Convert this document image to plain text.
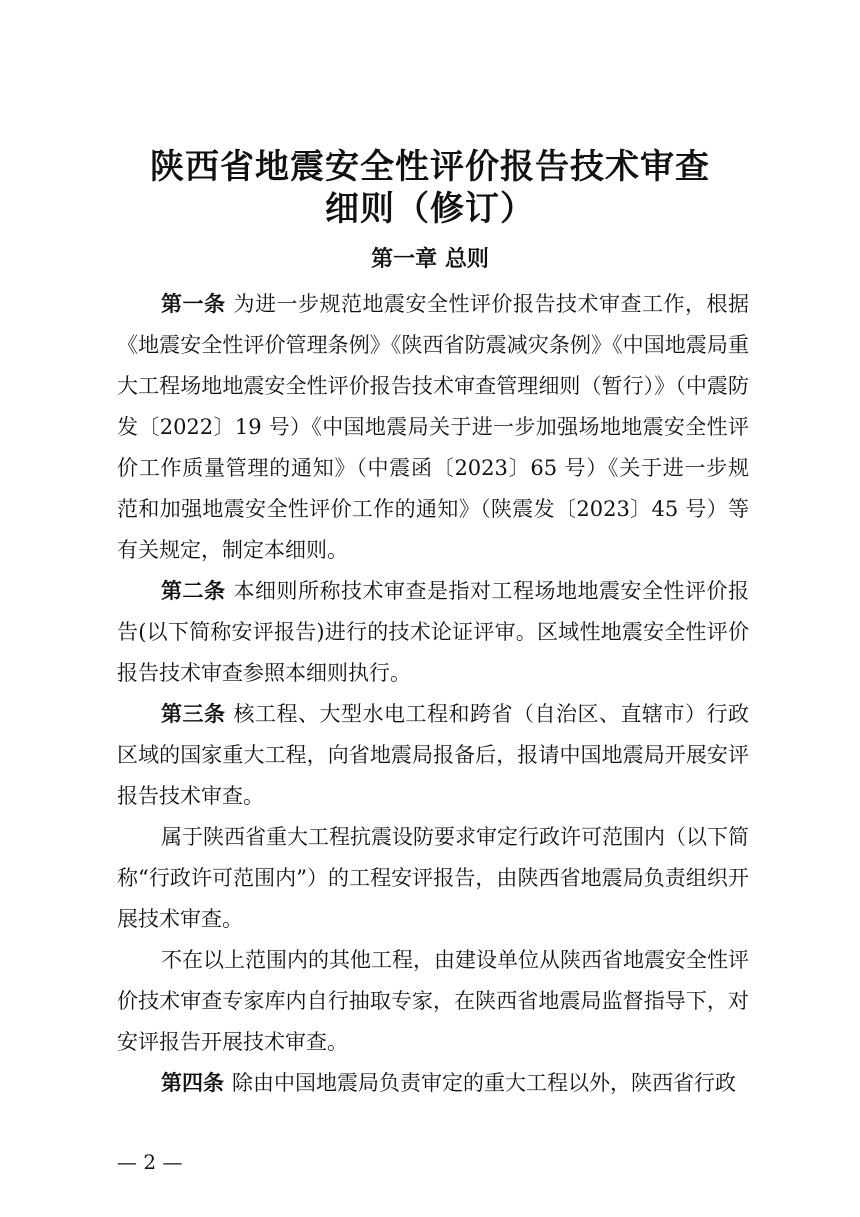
陕西省地震安全性评价报告技术审查
细则（修订）
第一章 总则

第一条 为进一步规范地震安全性评价报告技术审查工作，根据《地震安全性评价管理条例》《陕西省防震减灾条例》《中国地震局重大工程场地地震安全性评价报告技术审查管理细则（暂行）》（中震防发〔2022〕19 号）《中国地震局关于进一步加强场地地震安全性评价工作质量管理的通知》（中震函〔2023〕65 号）《关于进一步规范和加强地震安全性评价工作的通知》（陕震发〔2023〕45 号）等有关规定，制定本细则。

第二条 本细则所称技术审查是指对工程场地地震安全性评价报告(以下简称安评报告)进行的技术论证评审。区域性地震安全性评价报告技术审查参照本细则执行。

第三条 核工程、大型水电工程和跨省（自治区、直辖市）行政区域的国家重大工程，向省地震局报备后，报请中国地震局开展安评报告技术审查。

属于陕西省重大工程抗震设防要求审定行政许可范围内（以下简称“行政许可范围内”）的工程安评报告，由陕西省地震局负责组织开展技术审查。

不在以上范围内的其他工程，由建设单位从陕西省地震安全性评价技术审查专家库内自行抽取专家，在陕西省地震局监督指导下，对安评报告开展技术审查。

第四条 除由中国地震局负责审定的重大工程以外，陕西省行政

— 2 —
